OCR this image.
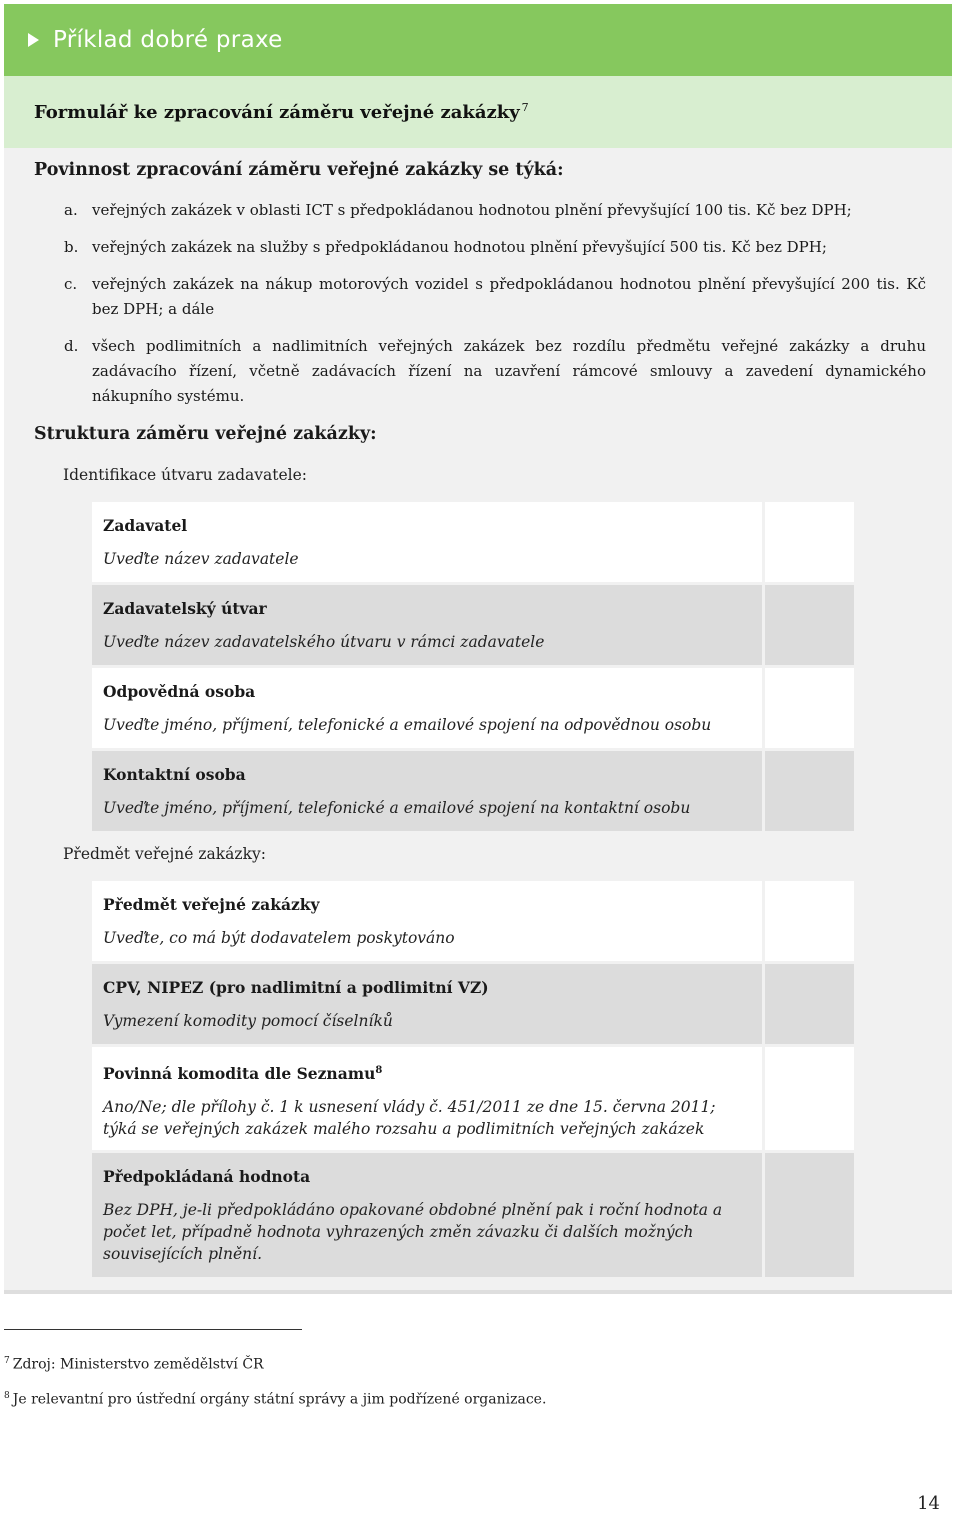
Příklad dobré praxe
Formulář ke zpracování záměru veřejné zakázky $^7$
Povinnost zpracování záměru veřejné zakázky se týká:
a. veřejných zakázek v oblasti ICT s předpokládanou hodnotou plnění převyšující 100 tis. Kč bez DPH;
b. veřejných zakázek na služby s předpokládanou hodnotou plnění převyšující 500 tis. Kč bez DPH;
c. veřejných zakázek na nákup motorových vozidel s předpokládanou hodnotou plnění převyšující 200 tis. Kč bez DPH; a dále
d. všech podlimitních a nadlimitních veřejných zakázek bez rozdílu předmětu veřejné zakázky a druhu zadávacího řízení, včetně zadávacích řízení na uzavření rámcové smlouvy a zavedení dynamického nákupního systému.
Struktura záměru veřejné zakázky:
Identifikace útvaru zadavatele:
Zadavatel
Uveďte název zadavatele
Zadavatelský útvar
Uveďte název zadavatelského útvaru v rámci zadavatele
Odpovědná osoba
Uveďte jméno, příjmení, telefonické a emailové spojení na odpovědnou osobu
Kontaktní osoba
Uveďte jméno, příjmení, telefonické a emailové spojení na kontaktní osobu
Předmět veřejné zakázky:
Předmět veřejné zakázky
Uveďte, co má být dodavatelem poskytováno
CPV, NIPEZ (pro nadlimitní a podlimitní VZ)
Vymezení komodity pomocí číselníků
Povinná komodita dle Seznamu$^8$
Ano/Ne; dle přílohy č. 1 k usnesení vlády č. 451/2011 ze dne 15. června 2011; týká se veřejných zakázek malého rozsahu a podlimitních veřejných zakázek
Předpokládaná hodnota
Bez DPH, je-li předpokládáno opakované obdobné plnění pak i roční hodnota a počet let, případně hodnota vyhrazených změn závazku či dalších možných souvisejících plnění.
$^7$ Zdroj: Ministerstvo zemědělství ČR
$^8$ Je relevantní pro ústřední orgány státní správy a jim podřízené organizace.
14
